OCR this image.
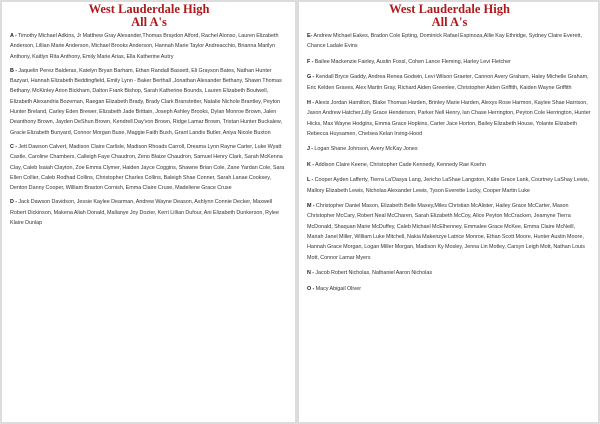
West Lauderdale High
All A's
A - Timothy Michael Adkins, Jr Matthew Gray Alexander,Thomas Braydon Alford, Rachel Alonso, Lauren Elizabeth Anderson, Lillian Marie Anderson, Michael Brooks Anderson, Hannah Marie Taylor Andreacchio, Brianna Marilyn Anthony, Kaitlyn Rita Anthony, Emily Marie Arias, Ella Katherine Autry
B - Jaquelin Perez Balderas, Katelyn Bryan Barham, Ethan Randall Bassett, Eli Grayson Bates, Nathan Hunter Bazyari, Hannah Elizabeth Beddingfield, Emily Lynn - Baker Berthall ,Jonathan Alexander Bethany, Shawn Thomas Bethany, McKinley Arion Bickham, Dalton Frank Bishop, Sarah Katherine Bounds, Lauren Elizabeth Boutwell, Elizabeth Alexandria Bozeman, Raegan Elizabeth Brady, Brady Clark Branstetter, Natalie Nichole Brantley, Peyton Hunter Breland, Carley Eden Brewer, Elizabeth Jade Brittain, Joseph Ashley Brooks, Dylan Monroe Brown, Jalen Deanthony Brown, Jayden DeShun Brown, Kendrell Day'von Brown, Ridge Lamar Brown, Tristan Hunter Buckalew, Gracie Elizabeth Bunyard, Connor Morgan Buse, Maggie Faith Bush, Grant Landis Butler, Aniya Nicole Buxton
C - Jett Dawson Calvert, Madison Claire Carlisle, Madison Rhoads Carroll, Dreama Lynn Rayne Carter, Luke Wyatt Castle, Caroline Chambers, Calleigh Faye Chaudron, Zeno Blaize Chaudron, Samuel Henry Clark, Sarah McKenna Clay, Caleb Isaiah Clayton, Zoe Emma Clymer, Haiden Jayce Coggins, Shawne Brian Cole, Zane Yardan Cole, Sara Ellen Collier, Caleb Rodhad Collins, Christopher Charles Collins, Baleigh Shae Conner, Sarah Lanae Cooksey, Denton Danny Cooper, William Braxton Cornish, Emma Claire Cruse, Madeliene Grace Cruse
D - Jack Dawson Davidson, Jessie Kaylee Dearman, Andrew Wayne Deason, Ashlynn Connie Decker, Maxwell Robert Dickinson, Makena Aliah Donald, Mallanye Joy Dozier, Kerri Lillian Dufour, Ani Elizabeth Dunkerson, Rylee Klaire Dunlap
West Lauderdale High
All A's
E- Andrew Michael Eakes, Bradon Cole Epting, Dominick Rafael Espinoza,Allie Kay Ethridge, Sydney Claire Everett, Chance Ladale Evins
F - Bailee Mackenzie Fairley, Austin Fossl, Cohen Lance Fleming, Harley Levi Fletcher
G - Kendall Bryce Gaddy, Andrea Renea Godwin, Levi Wilson Graeter, Cannon Avery Graham, Haley Michelle Graham, Eric Kelden Graves, Alex Martin Gray, Richard Aiden Greenlee, Christopher Aiden Griffith, Kaiden Wayne Griffith
H - Alexis Jordan Hamilton, Blake Thomas Harden, Brinley Marie Harden, Alexys Rose Harmon, Kaylee Shae Harrison, Jaxon Andrew Hatcher,Lilly Grace Henderson, Parker Nell Henry, Ian Chase Herrington, Peyton Cole Herrington, Hunter Hicks, Max Wayne Hodgins, Emma Grace Hopkins, Carter Jace Horton, Bailey Elizabeth House, Yolante Elizabeth Rebecca Huysamen, Chelsea Kelan Irving-Hood
J - Logan Shane Johnson, Avery McKay Jones
K - Addison Claire Keene, Christopher Cade Kennedy, Kennedy Rae Koehn
L - Cooper Ayden Lafferty, Tierra La'Dasya Lang, Jericho LaShae Langston, Katie Grace Lank, Courtney LaShay Lewis, Mallory Elizabeth Lewis, Nicholas Alexander Lewis, Tyson Everette Lucky, Cooper Martin Luke
M - Christopher Daniel Mason, Elizabeth Belle Maxey,Miles Christian McAlister, Hailey Grace McCarter, Mason Christopher McCary, Robert Neal McCharen, Sarah Elizabeth McCoy, Alice Peyton McCracken, Jeamyne Tierra McDonald, Shaquan Marie McDuffey, Caleb Michael McElhenney, Emmalee Grace McKee, Emma Claire McNeill, Mariah Janel Miller, William Luke Mitchell, Nakia Makenzye Latrice Monroe, Ethan Scott Moore, Hunter Austin Moore, Hannah Grace Morgan, Logan Miller Morgan, Madison Ky Mosley, Jenna Lin Motley, Carsyn Leigh Mott, Nathan Louis Mott, Connor Lamar Myers
N - Jacob Robert Nicholas, Nathaniel Aaron Nicholas
O - Macy Abigail Oliver
